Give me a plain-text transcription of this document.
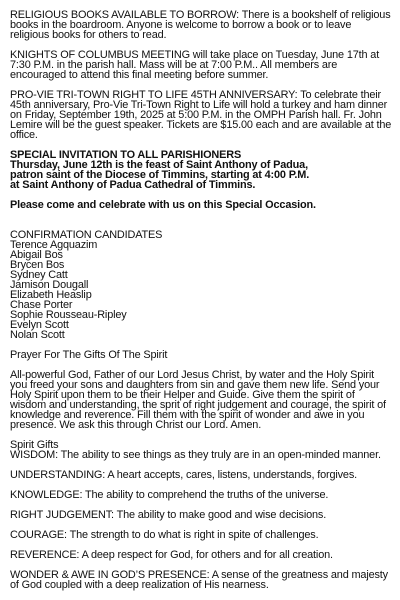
RELIGIOUS BOOKS AVAILABLE TO BORROW: There is a bookshelf of religious books in the boardroom. Anyone is welcome to borrow a book or to leave religious books for others to read.

KNIGHTS OF COLUMBUS MEETING will take place on Tuesday, June 17th at 7:30 P.M. in the parish hall. Mass will be at 7:00 P.M.. All members are encouraged to attend this final meeting before summer.

PRO-VIE TRI-TOWN RIGHT TO LIFE 45TH ANNIVERSARY: To celebrate their 45th anniversary, Pro-Vie Tri-Town Right to Life will hold a turkey and ham dinner on Friday, September 19th, 2025 at 5:00 P.M. in the OMPH Parish hall. Fr. John Lemire will be the guest speaker. Tickets are $15.00 each and are available at the office.

SPECIAL INVITATION TO ALL PARISHIONERS
Thursday, June 12th is the feast of Saint Anthony of Padua,
patron saint of the Diocese of Timmins, starting at 4:00 P.M.
at Saint Anthony of Padua Cathedral of Timmins.
Please come and celebrate with us on this Special Occasion.
CONFIRMATION CANDIDATES
Terence Agquazim
Abigail Bos
Brycen Bos
Sydney Catt
Jamison Dougall
Elizabeth Heaslip
Chase Porter
Sophie Rousseau-Ripley
Evelyn Scott
Nolan Scott

Prayer For The Gifts Of The Spirit

All-powerful God, Father of our Lord Jesus Christ, by water and the Holy Spirit you freed your sons and daughters from sin and gave them new life. Send your Holy Spirit upon them to be their Helper and Guide. Give them the spirit of wisdom and understanding, the sprit of right judgement and courage, the spirit of knowledge and reverence. Fill them with the spirit of wonder and awe in you presence. We ask this through Christ our Lord. Amen.

Spirit Gifts

WISDOM: The ability to see things as they truly are in an open-minded manner.

UNDERSTANDING: A heart accepts, cares, listens, understands, forgives.

KNOWLEDGE: The ability to comprehend the truths of the universe.

RIGHT JUDGEMENT: The ability to make good and wise decisions.

COURAGE: The strength to do what is right in spite of challenges.

REVERENCE: A deep respect for God, for others and for all creation.

WONDER & AWE IN GOD’S PRESENCE: A sense of the greatness and majesty of God coupled with a deep realization of His nearness.
